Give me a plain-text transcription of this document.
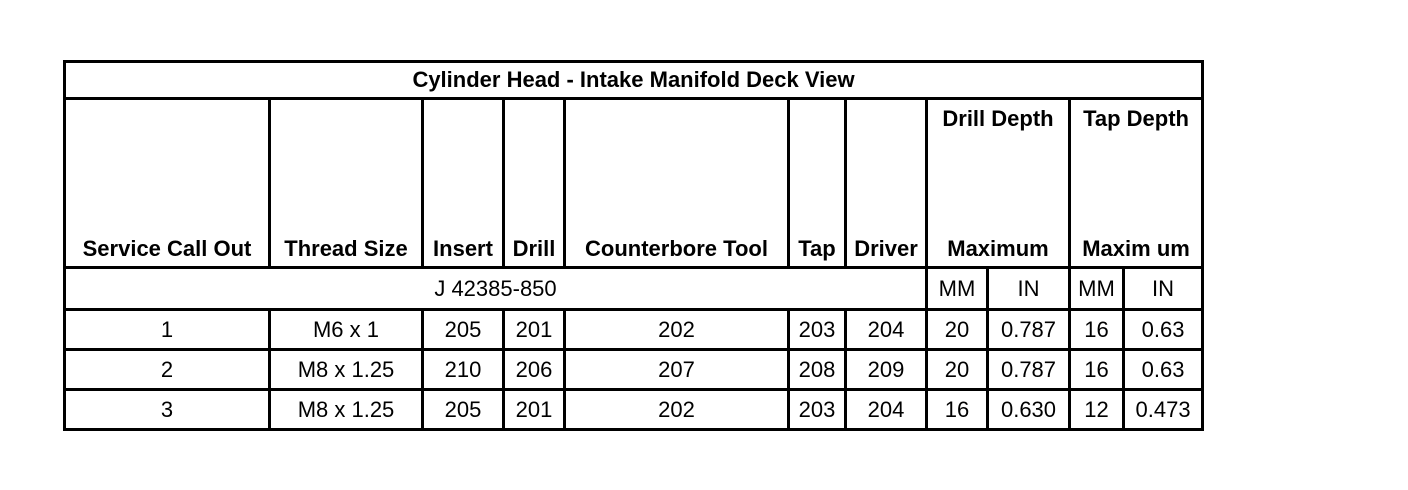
Cylinder Head - Intake Manifold Deck View										
Service Call Out	Thread Size	Insert	Drill	Counterbore Tool	Tap	Driver	Drill Depth		Tap Depth	
							Maximum		Maxim um	
J 42385-850							MM	IN	MM	IN
1	M6 x 1	205	201	202	203	204	20	0.787	16	0.63
2	M8 x 1.25	210	206	207	208	209	20	0.787	16	0.63
3	M8 x 1.25	205	201	202	203	204	16	0.630	12	0.473
